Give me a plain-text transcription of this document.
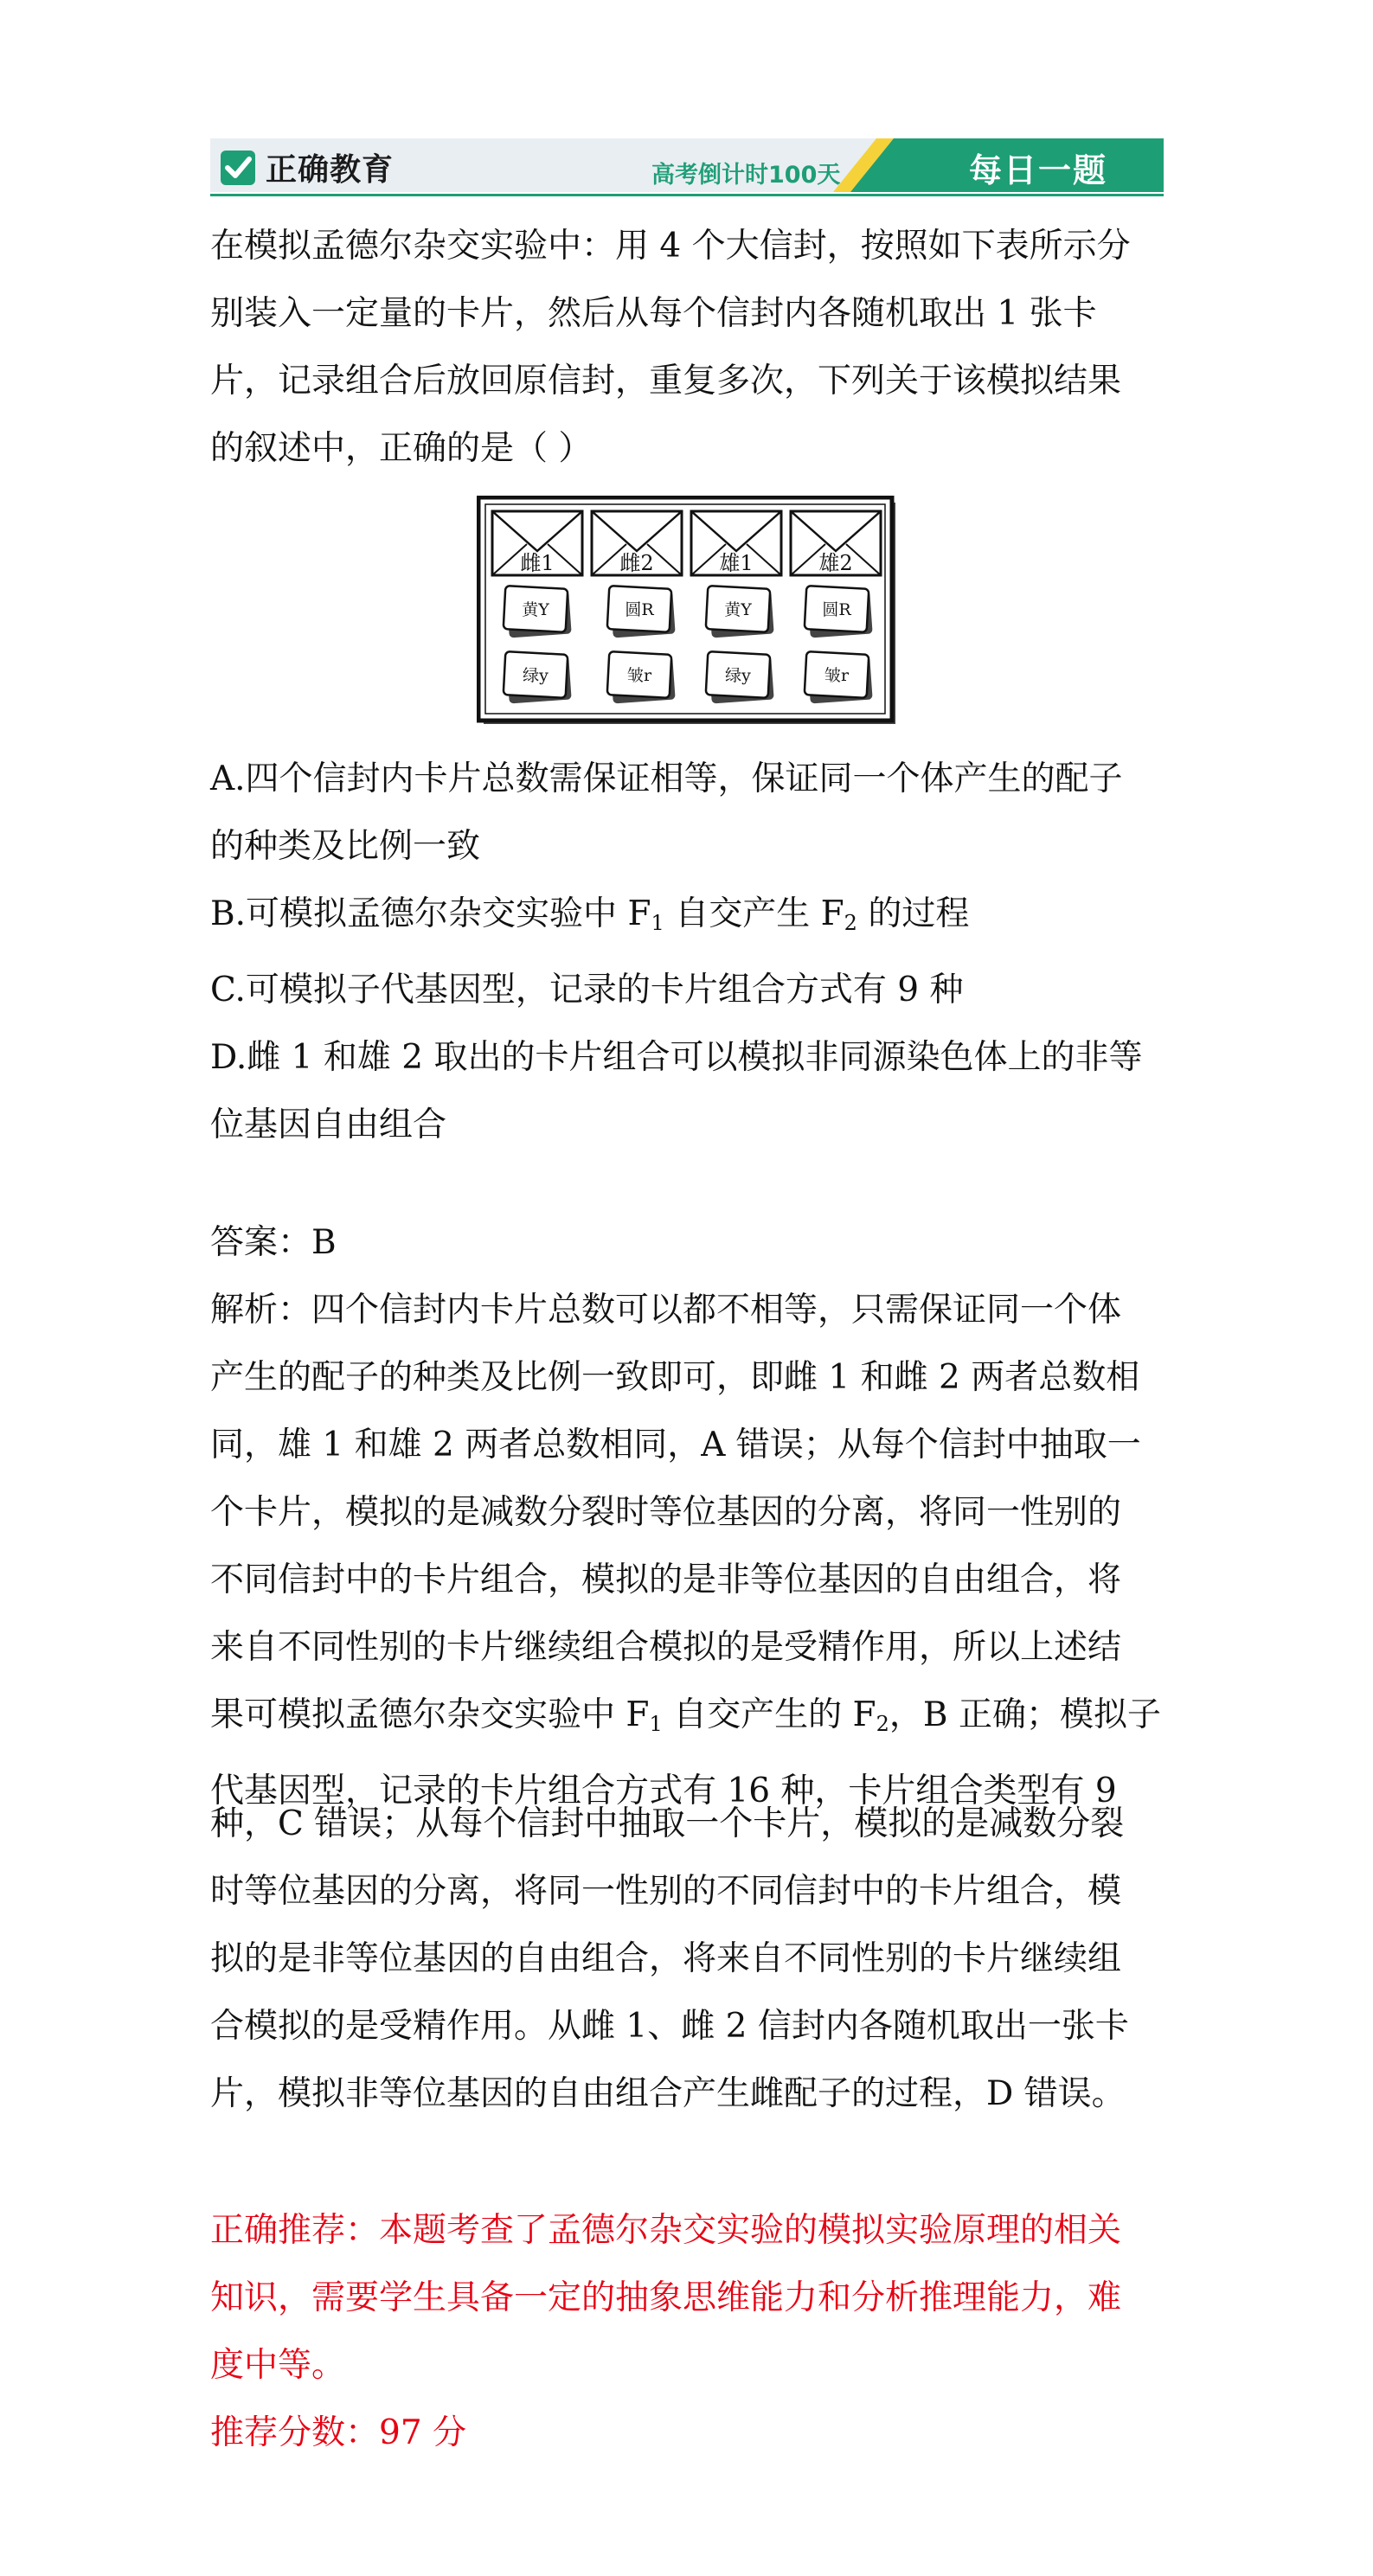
正确教育	高考倒计时100天	每日一题
在模拟孟德尔杂交实验中：用 4 个大信封，按照如下表所示分
别装入一定量的卡片，然后从每个信封内各随机取出 1 张卡
片，记录组合后放回原信封，重复多次，下列关于该模拟结果
的叙述中，正确的是（ ）
雌1	雌2	雄1	雄2
黄Y	圆R	黄Y	圆R
绿y	皱r	绿y	皱r
A.四个信封内卡片总数需保证相等，保证同一个体产生的配子
的种类及比例一致
B.可模拟孟德尔杂交实验中 $F_1$ 自交产生 $F_2$ 的过程
C.可模拟子代基因型，记录的卡片组合方式有 9 种
D.雌 1 和雄 2 取出的卡片组合可以模拟非同源染色体上的非等
位基因自由组合
答案：B
解析：四个信封内卡片总数可以都不相等，只需保证同一个体
产生的配子的种类及比例一致即可，即雌 1 和雌 2 两者总数相
同，雄 1 和雄 2 两者总数相同，A 错误；从每个信封中抽取一
个卡片，模拟的是减数分裂时等位基因的分离，将同一性别的
不同信封中的卡片组合，模拟的是非等位基因的自由组合，将
来自不同性别的卡片继续组合模拟的是受精作用，所以上述结
果可模拟孟德尔杂交实验中 $F_1$ 自交产生的 $F_2$，B 正确；模拟子
代基因型，记录的卡片组合方式有 16 种，卡片组合类型有 9
种，C 错误；从每个信封中抽取一个卡片，模拟的是减数分裂
时等位基因的分离，将同一性别的不同信封中的卡片组合，模
拟的是非等位基因的自由组合，将来自不同性别的卡片继续组
合模拟的是受精作用。从雌 1、雌 2 信封内各随机取出一张卡
片，模拟非等位基因的自由组合产生雌配子的过程，D 错误。
正确推荐：本题考查了孟德尔杂交实验的模拟实验原理的相关
知识，需要学生具备一定的抽象思维能力和分析推理能力，难
度中等。
推荐分数：97 分
